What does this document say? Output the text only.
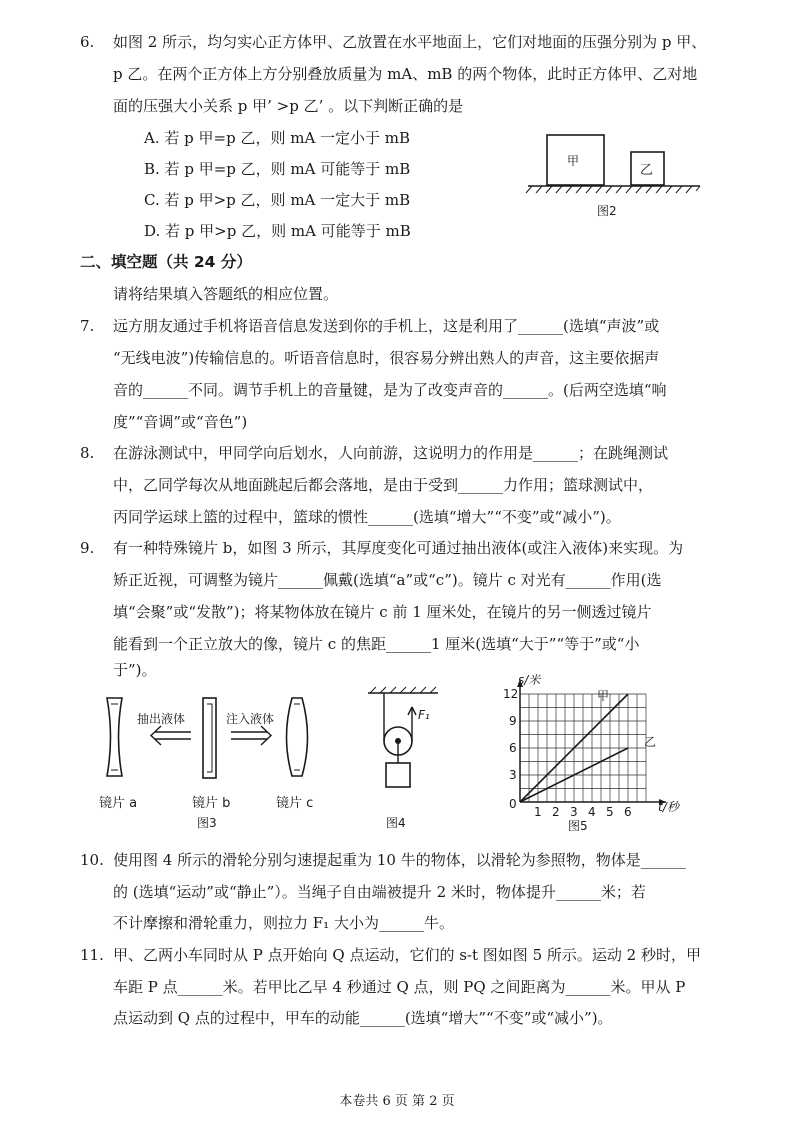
6. 如图 2 所示，均匀实心正方体甲、乙放置在水平地面上，它们对地面的压强分别为 p 甲、
p 乙。在两个正方体上方分别叠放质量为 mA、mB 的两个物体，此时正方体甲、乙对地
面的压强大小关系 p 甲’ >p 乙’ 。以下判断正确的是
A. 若 p 甲=p 乙，则 mA 一定小于 mB
B. 若 p 甲=p 乙，则 mA 可能等于 mB
C. 若 p 甲>p 乙，则 mA 一定大于 mB
D. 若 p 甲>p 乙，则 mA 可能等于 mB
甲
乙
图2
二、填空题（共 24 分）
请将结果填入答题纸的相应位置。
7. 远方朋友通过手机将语音信息发送到你的手机上，这是利用了______(选填“声波”或
“无线电波”)传输信息的。听语音信息时，很容易分辨出熟人的声音，这主要依据声
音的______不同。调节手机上的音量键，是为了改变声音的______。(后两空选填“响
度”“音调”或“音色”)
8. 在游泳测试中，甲同学向后划水，人向前游，这说明力的作用是______；在跳绳测试
中，乙同学每次从地面跳起后都会落地，是由于受到______力作用；篮球测试中，
丙同学运球上篮的过程中，篮球的惯性______(选填“增大”“不变”或“减小”)。
9. 有一种特殊镜片 b，如图 3 所示，其厚度变化可通过抽出液体(或注入液体)来实现。为
矫正近视，可调整为镜片______佩戴(选填“a”或“c”)。镜片 c 对光有______作用(选
填“会聚”或“发散”)；将某物体放在镜片 c 前 1 厘米处，在镜片的另一侧透过镜片
能看到一个正立放大的像，镜片 c 的焦距______1 厘米(选填“大于”“等于”或“小
于”)。
抽出液体	注入液体
镜片 a	镜片 b	镜片 c
图3
F₁
图4
1 2 3 4 5 6
3
6
9
12
s/米
t/秒
0
甲
乙
图5
10. 使用图 4 所示的滑轮分别匀速提起重为 10 牛的物体，以滑轮为参照物，物体是______
的 (选填“运动”或“静止”）。当绳子自由端被提升 2 米时，物体提升______米；若
不计摩擦和滑轮重力，则拉力 F₁ 大小为______牛。
11. 甲、乙两小车同时从 P 点开始向 Q 点运动，它们的 s-t 图如图 5 所示。运动 2 秒时，甲
车距 P 点______米。若甲比乙早 4 秒通过 Q 点，则 PQ 之间距离为______米。甲从 P
点运动到 Q 点的过程中，甲车的动能______(选填“增大”“不变”或“减小”)。
本卷共 6 页 第 2 页
